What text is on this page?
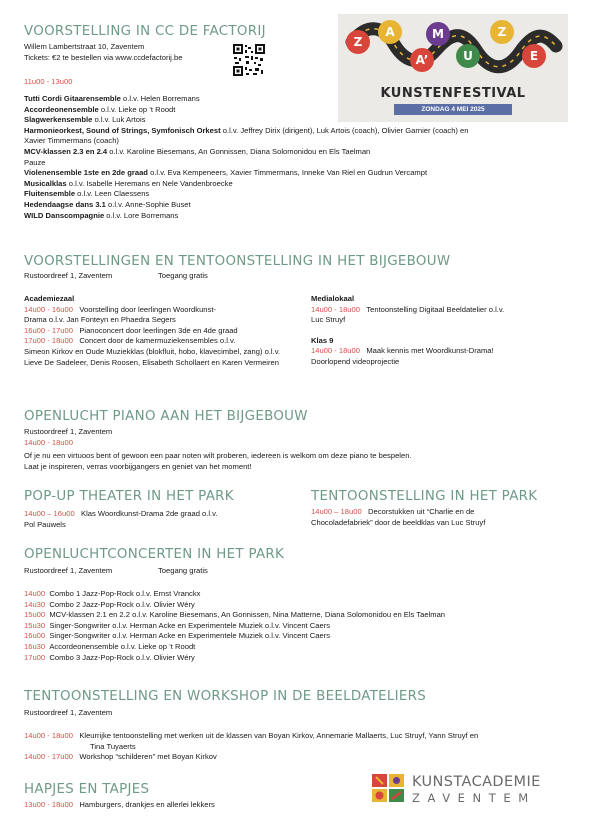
VOORSTELLING IN CC DE FACTORIJ
Willem Lambertstraat 10, Zaventem
Tickets: €2 te bestellen via www.ccdefactorij.be
Z
A
A’
M
U
Z
E
KUNSTENFESTIVAL
ZONDAG 4 MEI 2025
11u00 - 13u00
Tutti Cordi Gitaarensemble o.l.v. Helen Borremans
Accordeonensemble o.l.v. Lieke op ‘t Roodt
Slagwerkensemble o.l.v. Luk Artois
Harmonieorkest, Sound of Strings, Symfonisch Orkest o.l.v. Jeffrey Dirix (dirigent), Luk Artois (coach), Olivier Garnier (coach) en
Xavier Timmermans (coach)
MCV-klassen 2.3 en 2.4 o.l.v. Karoline Biesemans, An Gonnissen, Diana Solomonidou en Els Taelman
Pauze
Violenensemble 1ste en 2de graad o.l.v. Eva Kempeneers, Xavier Timmermans, Inneke Van Riel en Gudrun Vercampt
Musicalklas o.l.v. Isabelle Heremans en Nele Vandenbroecke
Fluitensemble o.l.v. Leen Claessens
Hedendaagse dans 3.1 o.l.v. Anne-Sophie Buset
WILD Danscompagnie o.l.v. Lore Borremans
VOORSTELLINGEN EN TENTOONSTELLING IN HET BIJGEBOUW
Rustoordreef 1, Zaventem	Toegang gratis
Academiezaal
14u00 - 16u00 Voorstelling door leerlingen Woordkunst-
Drama o.l.v. Jan Fonteyn en Phaedra Segers
16u00 - 17u00 Pianoconcert door leerlingen 3de en 4de graad
17u00 - 18u00 Concert door de kamermuziekensembles o.l.v.
Simeon Kirkov en Oude Muziekklas (blokfluit, hobo, klavecimbel, zang) o.l.v. Lieve De Sadeleer, Denis Roosen, Elisabeth Schollaert en Karen Vermeiren
Medialokaal
14u00 - 18u00 Tentoonstelling Digitaal Beeldatelier o.l.v.
Luc Struyf
Klas 9
14u00 - 18u00 Maak kennis met Woordkunst-Drama!
Doorlopend videoprojectie
OPENLUCHT PIANO AAN HET BIJGEBOUW
Rustoordreef 1, Zaventem
14u00 - 18u00
Of je nu een virtuoos bent of gewoon een paar noten wilt proberen, iedereen is welkom om deze piano te bespelen.
Laat je inspireren, verras voorbijgangers en geniet van het moment!
POP-UP THEATER IN HET PARK
14u00 – 16u00 Klas Woordkunst-Drama 2de graad o.l.v.
Pol Pauwels
TENTOONSTELLING IN HET PARK
14u00 – 18u00 Decorstukken uit “Charlie en de
Chocoladefabriek” door de beeldklas van Luc Struyf
OPENLUCHTCONCERTEN IN HET PARK
Rustoordreef 1, Zaventem	Toegang gratis
14u00 Combo 1 Jazz-Pop-Rock o.l.v. Ernst Vranckx
14u30 Combo 2 Jazz-Pop-Rock o.l.v. Olivier Wéry
15u00 MCV-klassen 2.1 en 2.2 o.l.v. Karoline Biesemans, An Gonnissen, Nina Matterne, Diana Solomonidou en Els Taelman
15u30 Singer-Songwriter o.l.v. Herman Acke en Experimentele Muziek o.l.v. Vincent Caers
16u00 Singer-Songwriter o.l.v. Herman Acke en Experimentele Muziek o.l.v. Vincent Caers
16u30 Accordeonensemble o.l.v. Lieke op ‘t Roodt
17u00 Combo 3 Jazz-Pop-Rock o.l.v. Olivier Wéry
TENTOONSTELLING EN WORKSHOP IN DE BEELDATELIERS
Rustoordreef 1, Zaventem
14u00 - 18u00 Kleurrijke tentoonstelling met werken uit de klassen van Boyan Kirkov, Annemarie Mallaerts, Luc Struyf, Yann Struyf en
Tina Tuyaerts
14u00 - 17u00 Workshop “schilderen” met Boyan Kirkov
HAPJES EN TAPJES
13u00 - 18u00 Hamburgers, drankjes en allerlei lekkers
KUNSTACADEMIE
ZAVENTEM
